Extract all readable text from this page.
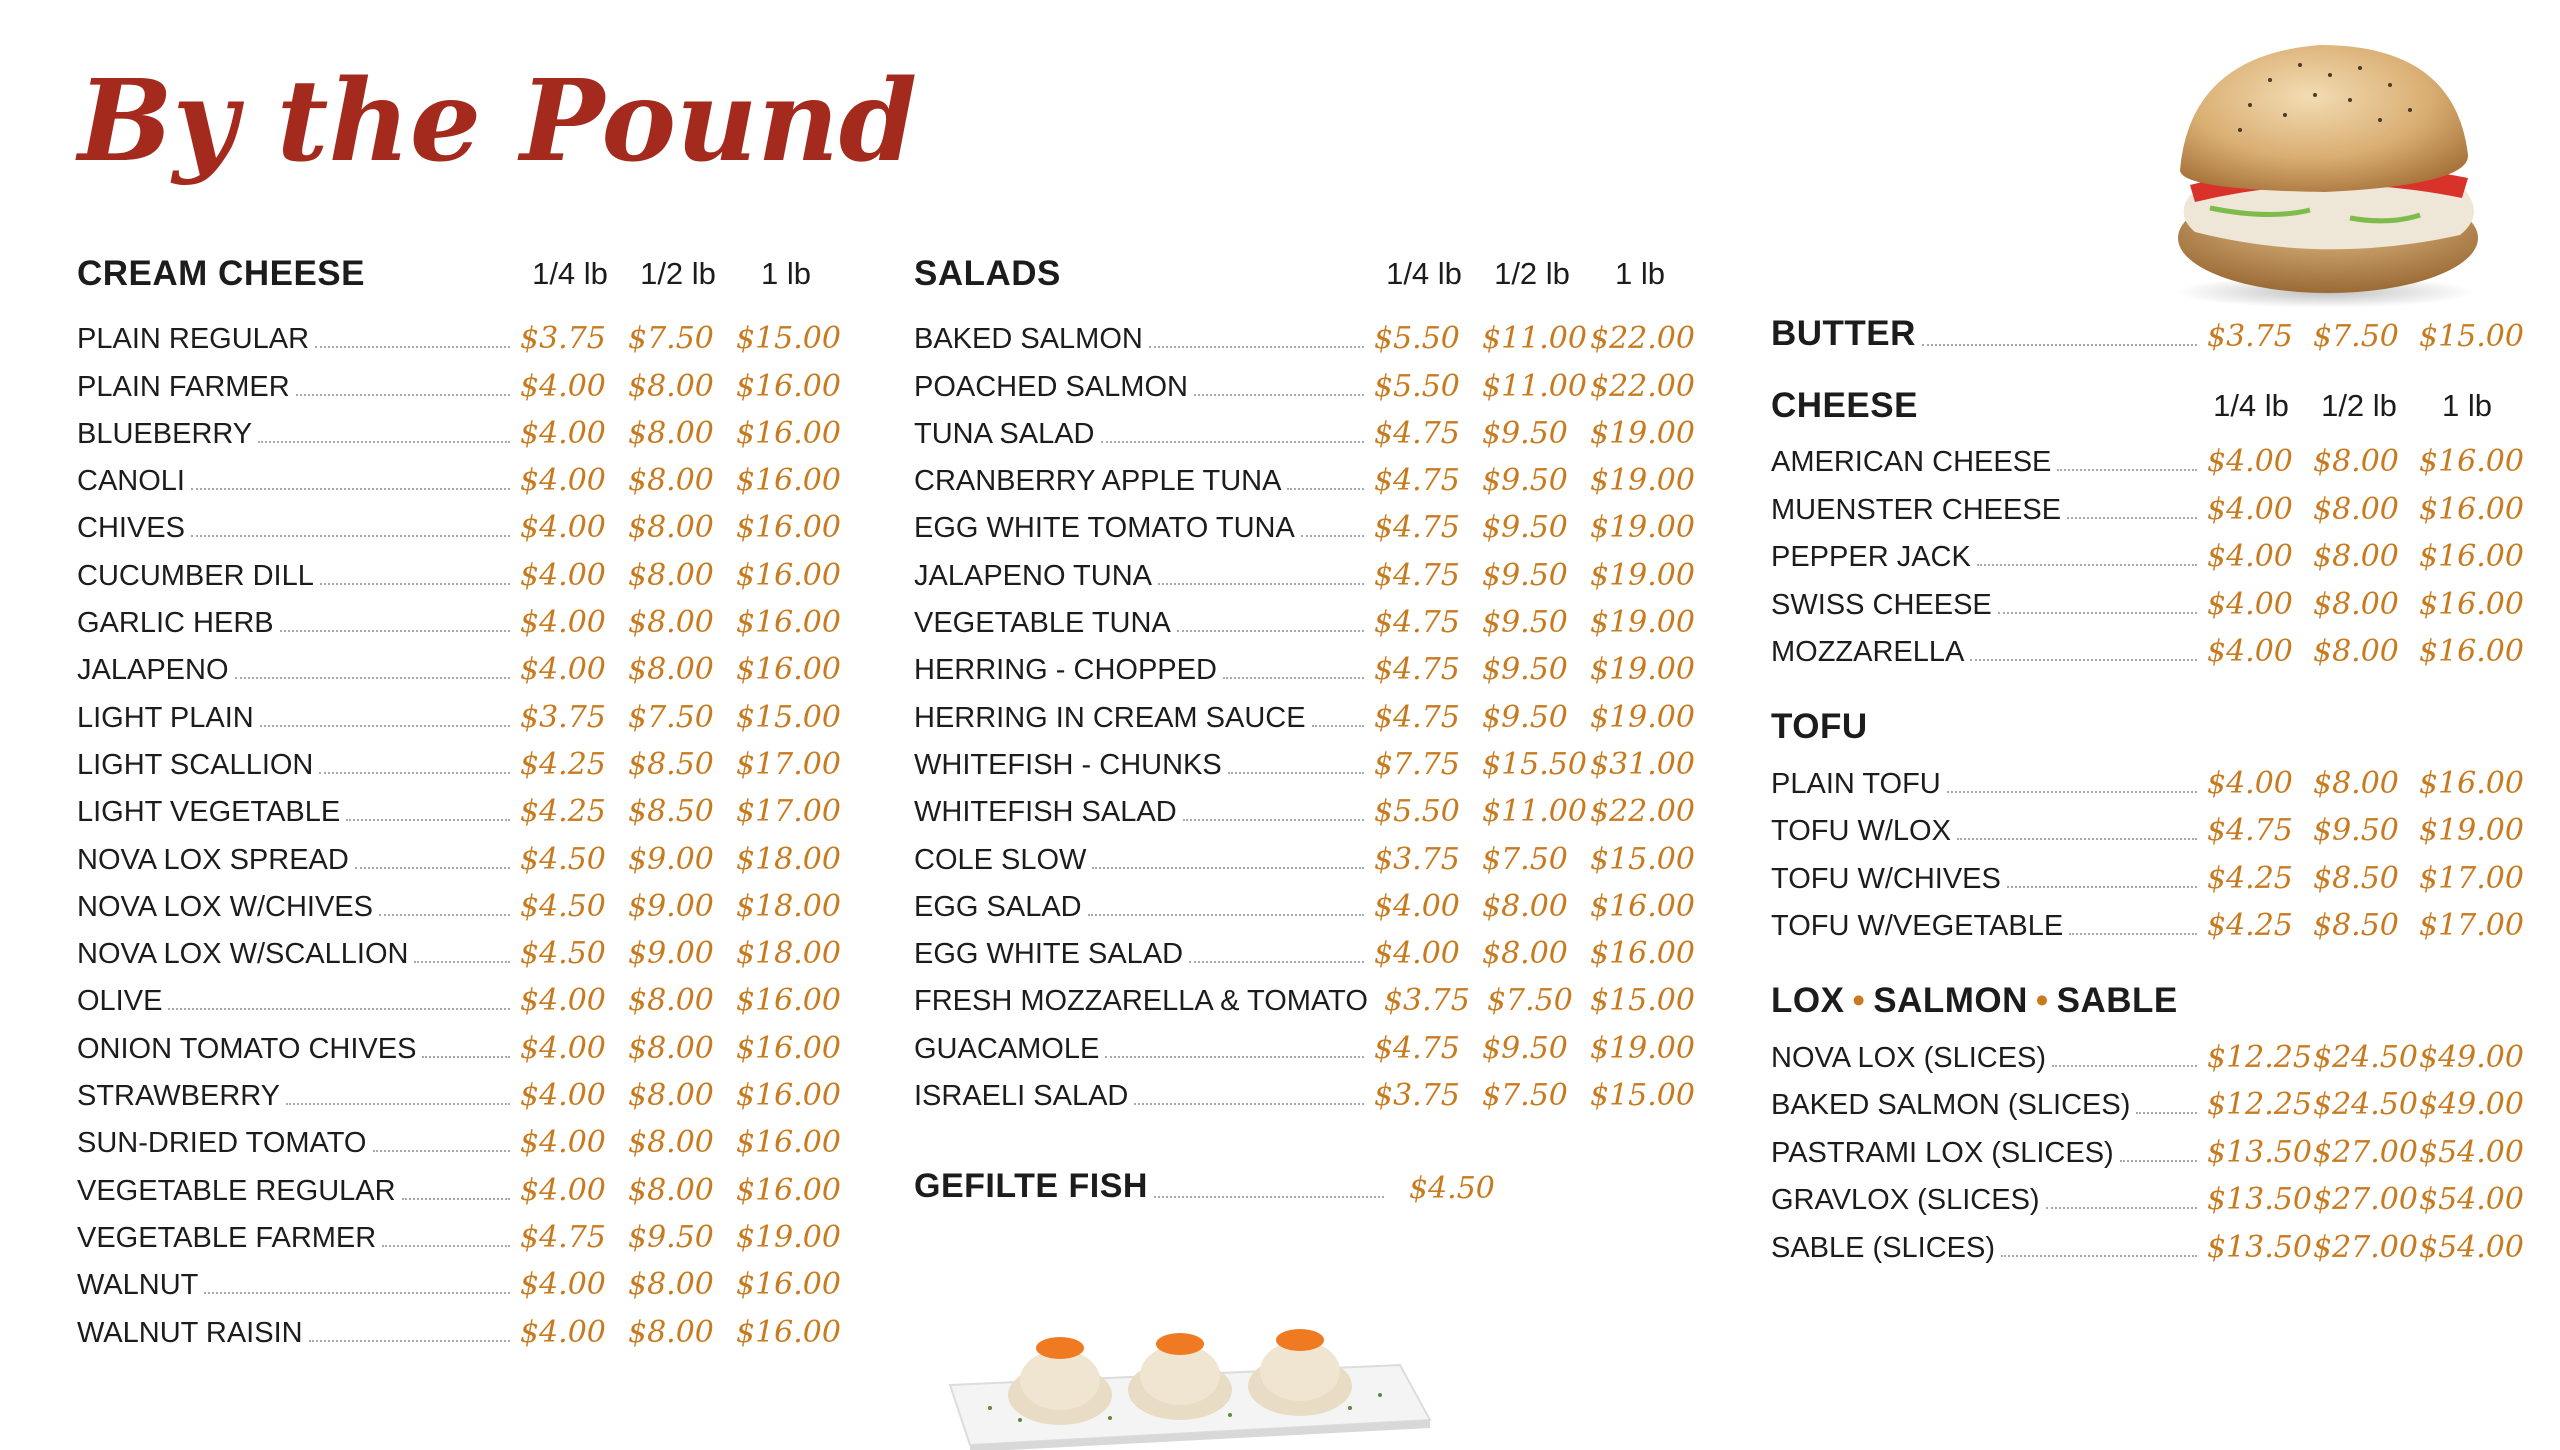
By the Pound
CREAM CHEESE	1/4 lb	1/2 lb	1 lb
PLAIN REGULAR	$3.75 $7.50 $15.00
PLAIN FARMER	$4.00 $8.00 $16.00
BLUEBERRY	$4.00 $8.00 $16.00
CANOLI	$4.00 $8.00 $16.00
CHIVES	$4.00 $8.00 $16.00
CUCUMBER DILL	$4.00 $8.00 $16.00
GARLIC HERB	$4.00 $8.00 $16.00
JALAPENO	$4.00 $8.00 $16.00
LIGHT PLAIN	$3.75 $7.50 $15.00
LIGHT SCALLION	$4.25 $8.50 $17.00
LIGHT VEGETABLE	$4.25 $8.50 $17.00
NOVA LOX SPREAD	$4.50 $9.00 $18.00
NOVA LOX W/CHIVES	$4.50 $9.00 $18.00
NOVA LOX W/SCALLION	$4.50 $9.00 $18.00
OLIVE	$4.00 $8.00 $16.00
ONION TOMATO CHIVES	$4.00 $8.00 $16.00
STRAWBERRY	$4.00 $8.00 $16.00
SUN-DRIED TOMATO	$4.00 $8.00 $16.00
VEGETABLE REGULAR	$4.00 $8.00 $16.00
VEGETABLE FARMER	$4.75 $9.50 $19.00
WALNUT	$4.00 $8.00 $16.00
WALNUT RAISIN	$4.00 $8.00 $16.00
SALADS	1/4 lb	1/2 lb	1 lb
BAKED SALMON	$5.50 $11.00 $22.00
POACHED SALMON	$5.50 $11.00 $22.00
TUNA SALAD	$4.75 $9.50 $19.00
CRANBERRY APPLE TUNA	$4.75 $9.50 $19.00
EGG WHITE TOMATO TUNA	$4.75 $9.50 $19.00
JALAPENO TUNA	$4.75 $9.50 $19.00
VEGETABLE TUNA	$4.75 $9.50 $19.00
HERRING - CHOPPED	$4.75 $9.50 $19.00
HERRING IN CREAM SAUCE $4.75 $9.50 $19.00
WHITEFISH - CHUNKS	$7.75 $15.50 $31.00
WHITEFISH SALAD	$5.50 $11.00 $22.00
COLE SLOW	$3.75 $7.50 $15.00
EGG SALAD	$4.00 $8.00 $16.00
EGG WHITE SALAD	$4.00 $8.00 $16.00
FRESH MOZZARELLA & TOMATO $3.75 $7.50 $15.00
GUACAMOLE	$4.75 $9.50 $19.00
ISRAELI SALAD	$3.75 $7.50 $15.00
GEFILTE FISH	$4.50
BUTTER	$3.75 $7.50 $15.00
CHEESE	1/4 lb	1/2 lb	1 lb
AMERICAN CHEESE	$4.00 $8.00 $16.00
MUENSTER CHEESE	$4.00 $8.00 $16.00
PEPPER JACK	$4.00 $8.00 $16.00
SWISS CHEESE	$4.00 $8.00 $16.00
MOZZARELLA	$4.00 $8.00 $16.00
TOFU
PLAIN TOFU	$4.00 $8.00 $16.00
TOFU W/LOX	$4.75 $9.50 $19.00
TOFU W/CHIVES	$4.25 $8.50 $17.00
TOFU W/VEGETABLE	$4.25 $8.50 $17.00
LOX • SALMON • SABLE
NOVA LOX (SLICES)	$12.25 $24.50 $49.00
BAKED SALMON (SLICES)	$12.25 $24.50 $49.00
PASTRAMI LOX (SLICES)	$13.50 $27.00 $54.00
GRAVLOX (SLICES)	$13.50 $27.00 $54.00
SABLE (SLICES)	$13.50 $27.00 $54.00
